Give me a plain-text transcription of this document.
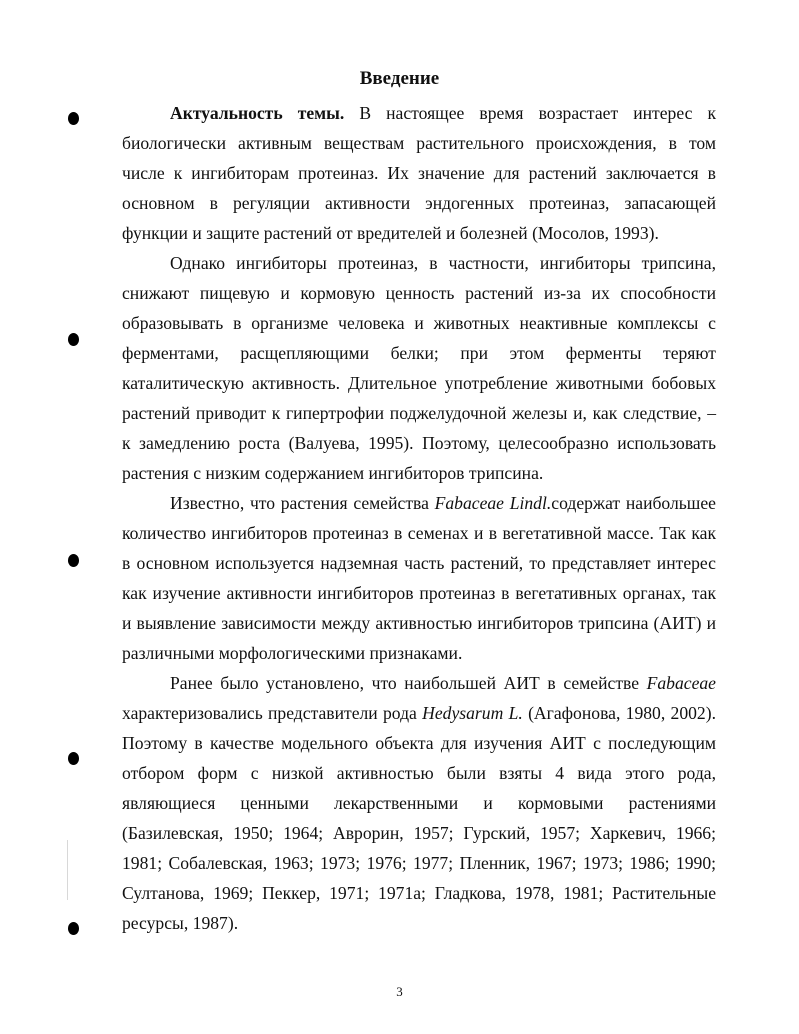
Введение

Актуальность темы. В настоящее время возрастает интерес к биологически активным веществам растительного происхождения, в том числе к ингибиторам протеиназ. Их значение для растений заключается в основном в регуляции активности эндогенных протеиназ, запасающей функции и защите растений от вредителей и болезней (Мосолов, 1993).

Однако ингибиторы протеиназ, в частности, ингибиторы трипсина, снижают пищевую и кормовую ценность растений из-за их способности образовывать в организме человека и животных неактивные комплексы с ферментами, расщепляющими белки; при этом ферменты теряют каталитическую активность. Длительное употребление животными бобовых растений приводит к гипертрофии поджелудочной железы и, как следствие, – к замедлению роста (Валуева, 1995). Поэтому, целесообразно использовать растения с низким содержанием ингибиторов трипсина.

Известно, что растения семейства Fabaceae Lindl.содержат наибольшее количество ингибиторов протеиназ в семенах и в вегетативной массе. Так как в основном используется надземная часть растений, то представляет интерес как изучение активности ингибиторов протеиназ в вегетативных органах, так и выявление зависимости между активностью ингибиторов трипсина (АИТ) и различными морфологическими признаками.

Ранее было установлено, что наибольшей АИТ в семействе Fabaceae характеризовались представители рода Hedysarum L. (Агафонова, 1980, 2002). Поэтому в качестве модельного объекта для изучения АИТ с последующим отбором форм с низкой активностью были взяты 4 вида этого рода, являющиеся ценными лекарственными и кормовыми растениями (Базилевская, 1950; 1964; Аврорин, 1957; Гурский, 1957; Харкевич, 1966; 1981; Собалевская, 1963; 1973; 1976; 1977; Пленник, 1967; 1973; 1986; 1990; Султанова, 1969; Пеккер, 1971; 1971а; Гладкова, 1978, 1981; Растительные ресурсы, 1987).

3
